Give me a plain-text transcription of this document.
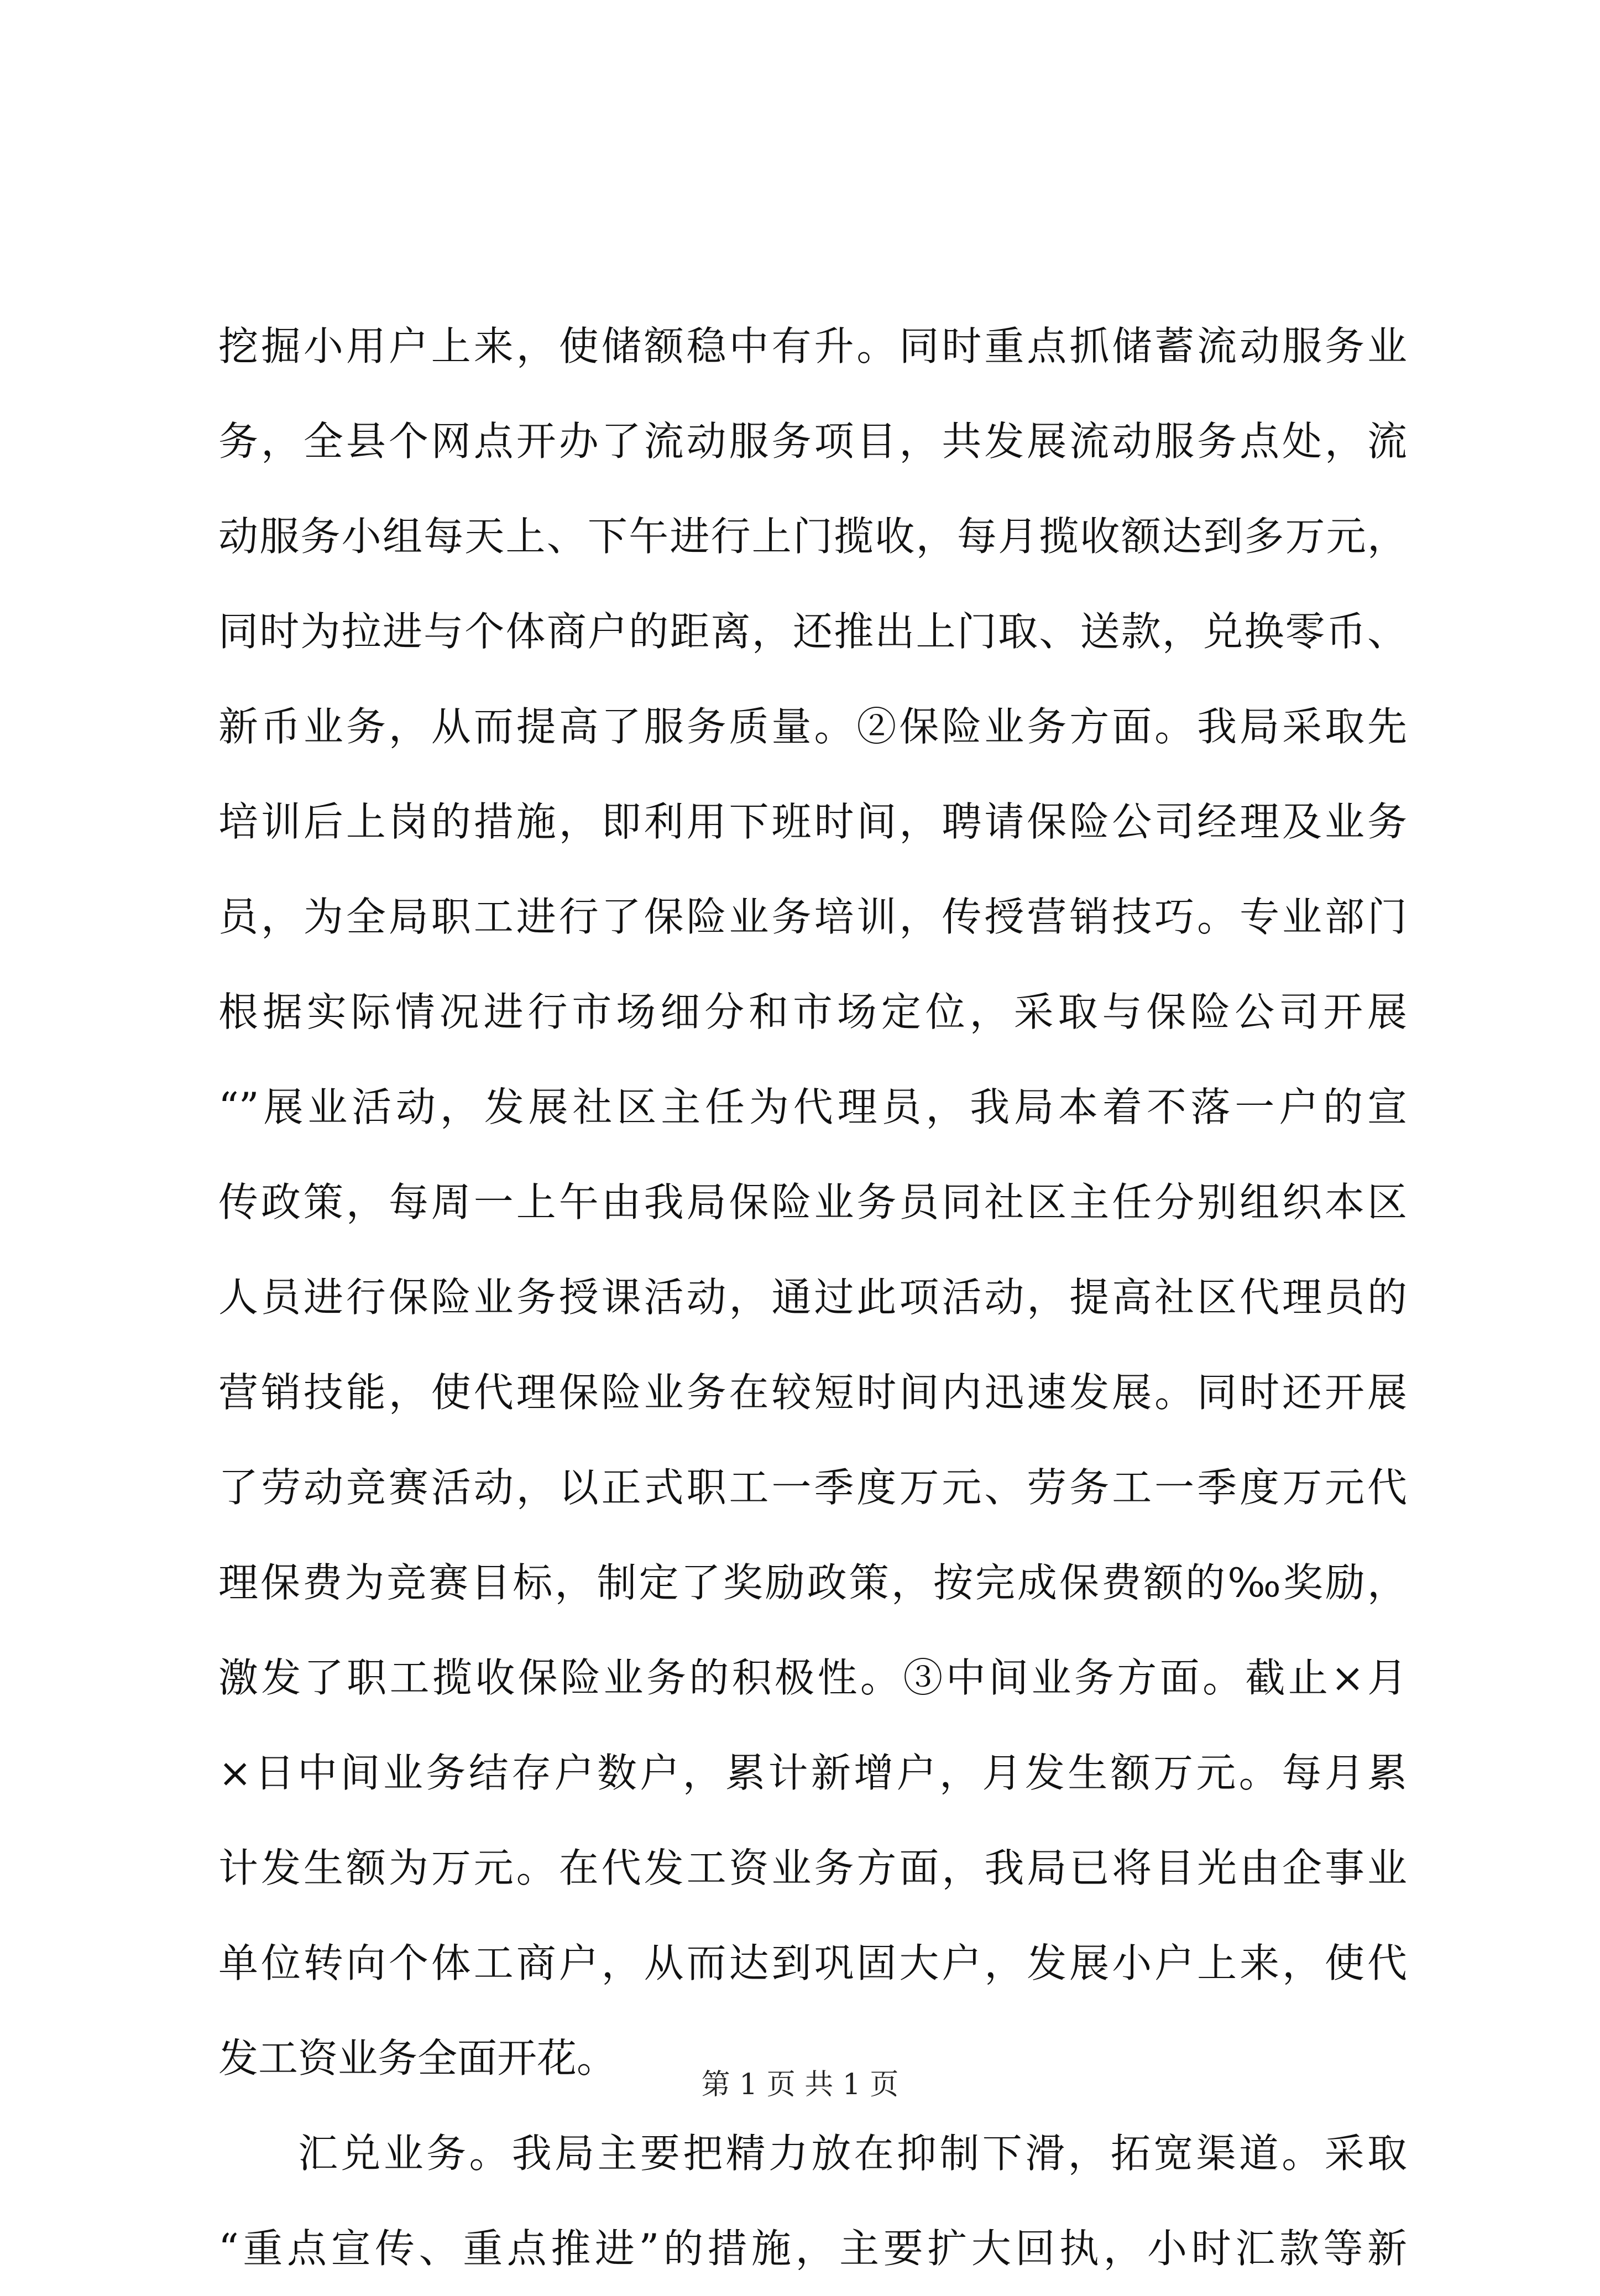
挖掘小用户上来，使储额稳中有升。同时重点抓储蓄流动服务业
务，全县个网点开办了流动服务项目，共发展流动服务点处，流
动服务小组每天上、下午进行上门揽收，每月揽收额达到多万元，
同时为拉进与个体商户的距离，还推出上门取、送款，兑换零币、
新币业务，从而提高了服务质量。②保险业务方面。我局采取先
培训后上岗的措施，即利用下班时间，聘请保险公司经理及业务
员，为全局职工进行了保险业务培训，传授营销技巧。专业部门
根据实际情况进行市场细分和市场定位，采取与保险公司开展
“”展业活动，发展社区主任为代理员，我局本着不落一户的宣
传政策，每周一上午由我局保险业务员同社区主任分别组织本区
人员进行保险业务授课活动，通过此项活动，提高社区代理员的
营销技能，使代理保险业务在较短时间内迅速发展。同时还开展
了劳动竞赛活动，以正式职工一季度万元、劳务工一季度万元代
理保费为竞赛目标，制定了奖励政策，按完成保费额的‰奖励，
激发了职工揽收保险业务的积极性。③中间业务方面。截止×月
×日中间业务结存户数户，累计新增户，月发生额万元。每月累
计发生额为万元。在代发工资业务方面，我局已将目光由企事业
单位转向个体工商户，从而达到巩固大户，发展小户上来，使代
发工资业务全面开花。
汇兑业务。我局主要把精力放在抑制下滑，拓宽渠道。采取
“重点宣传、重点推进”的措施，主要扩大回执，小时汇款等新
第 1 页 共 1 页
